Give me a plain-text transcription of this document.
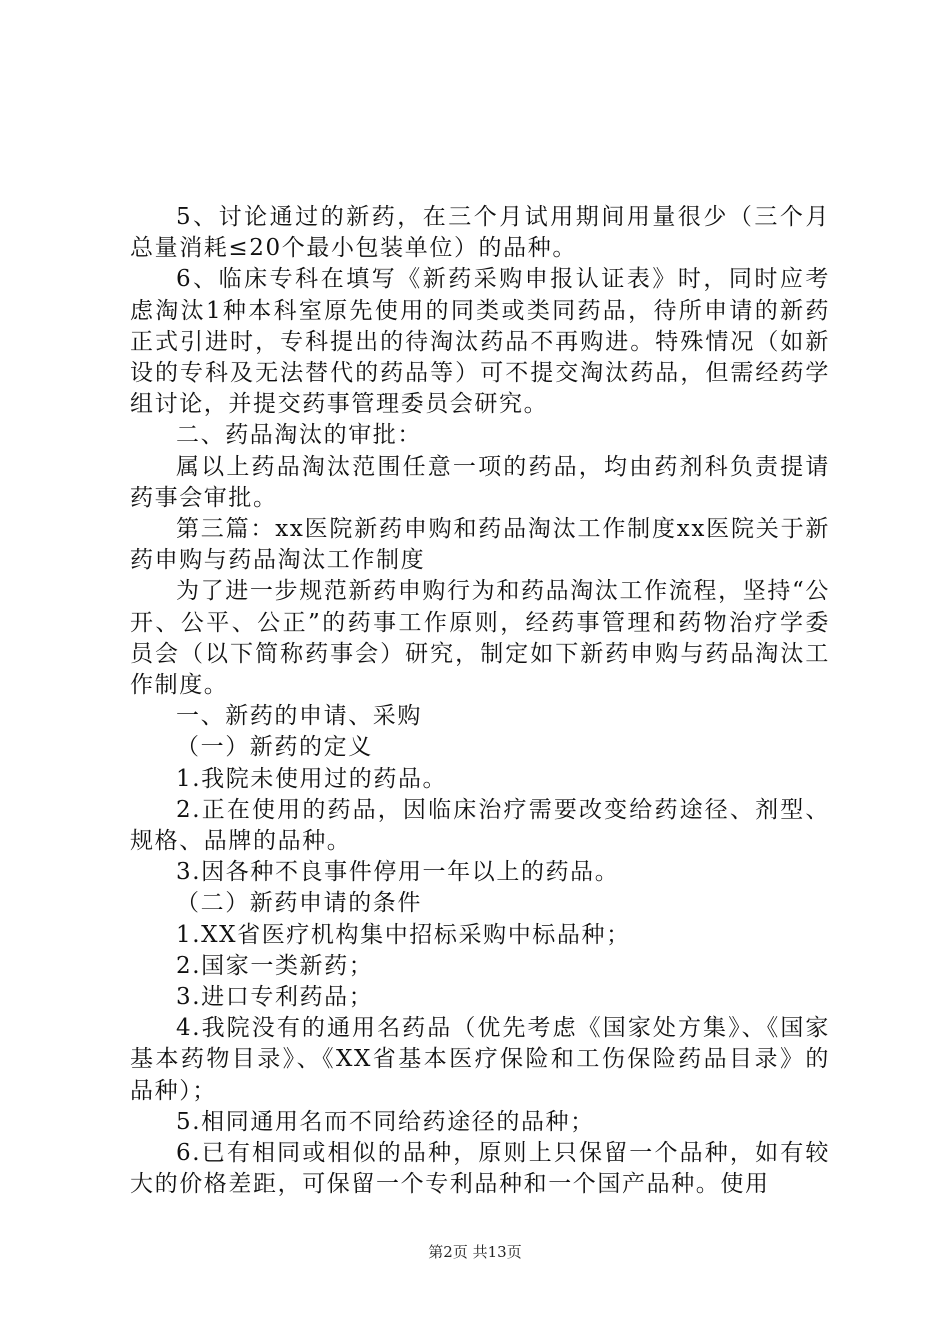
5、讨论通过的新药，在三个月试用期间用量很少（三个月总量消耗≤20个最小包装单位）的品种。

6、临床专科在填写《新药采购申报认证表》时，同时应考虑淘汰1种本科室原先使用的同类或类同药品，待所申请的新药正式引进时，专科提出的待淘汰药品不再购进。特殊情况（如新设的专科及无法替代的药品等）可不提交淘汰药品，但需经药学组讨论，并提交药事管理委员会研究。

二、药品淘汰的审批：

属以上药品淘汰范围任意一项的药品，均由药剂科负责提请药事会审批。

第三篇：xx医院新药申购和药品淘汰工作制度xx医院关于新药申购与药品淘汰工作制度

为了进一步规范新药申购行为和药品淘汰工作流程，坚持“公开、公平、公正”的药事工作原则，经药事管理和药物治疗学委员会（以下简称药事会）研究，制定如下新药申购与药品淘汰工作制度。

一、新药的申请、采购

（一）新药的定义

1.我院未使用过的药品。

2.正在使用的药品，因临床治疗需要改变给药途径、剂型、规格、品牌的品种。

3.因各种不良事件停用一年以上的药品。

（二）新药申请的条件

1.XX省医疗机构集中招标采购中标品种；

2.国家一类新药；

3.进口专利药品；

4.我院没有的通用名药品（优先考虑《国家处方集》、《国家基本药物目录》、《XX省基本医疗保险和工伤保险药品目录》的品种）；

5.相同通用名而不同给药途径的品种；

6.已有相同或相似的品种，原则上只保留一个品种，如有较大的价格差距，可保留一个专利品种和一个国产品种。使用

第2页 共13页
